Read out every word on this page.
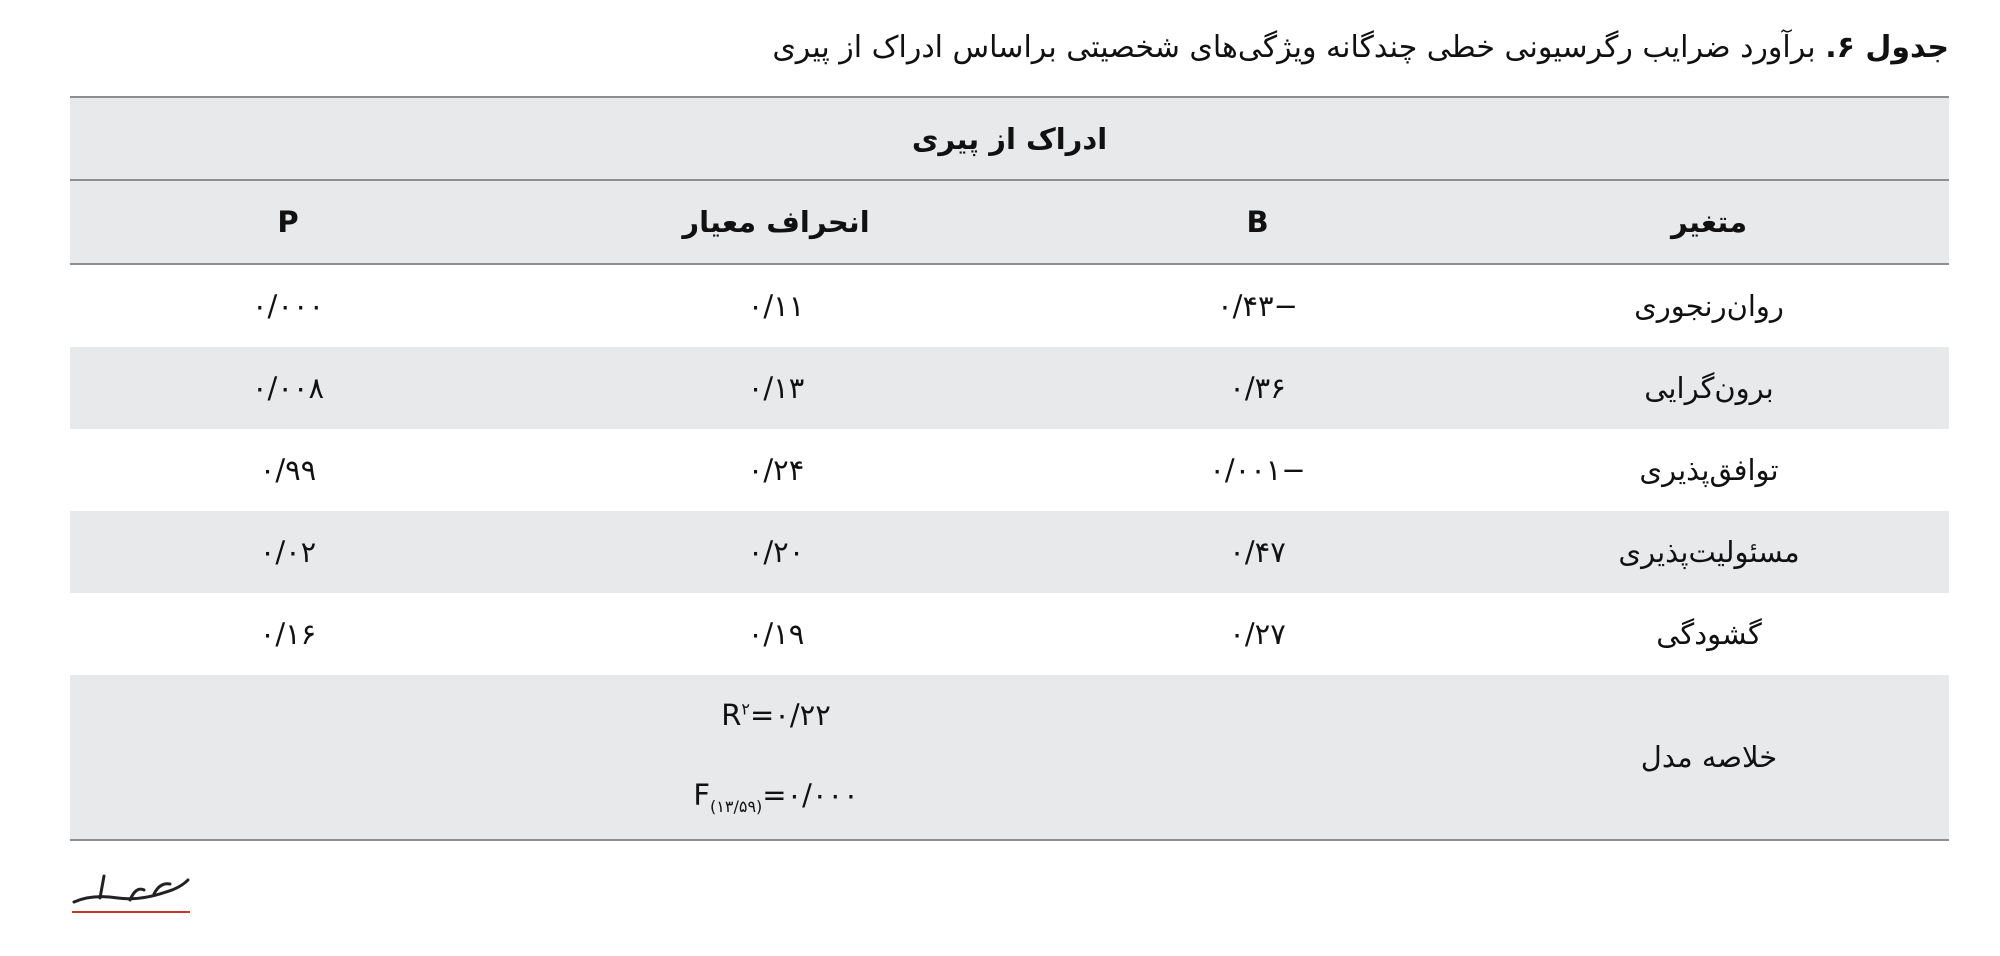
جدول ۶. برآورد ضرایب رگرسیونی خطی چندگانه ویژگی‌های شخصیتی براساس ادراک از پیری
ادراک از پیری			
متغیر	B	انحراف معیار	P
روان‌رنجوری	−۰/۴۳	۰/۱۱	۰/۰۰۰
برون‌گرایی	۰/۳۶	۰/۱۳	۰/۰۰۸
توافق‌پذیری	−۰/۰۰۱	۰/۲۴	۰/۹۹
مسئولیت‌پذیری	۰/۴۷	۰/۲۰	۰/۰۲
گشودگی	۰/۲۷	۰/۱۹	۰/۱۶
خلاصه مدل		$R^۲=۰/۲۲$
$F_{(۱۳/۵۹)}=۰/۰۰۰$	
